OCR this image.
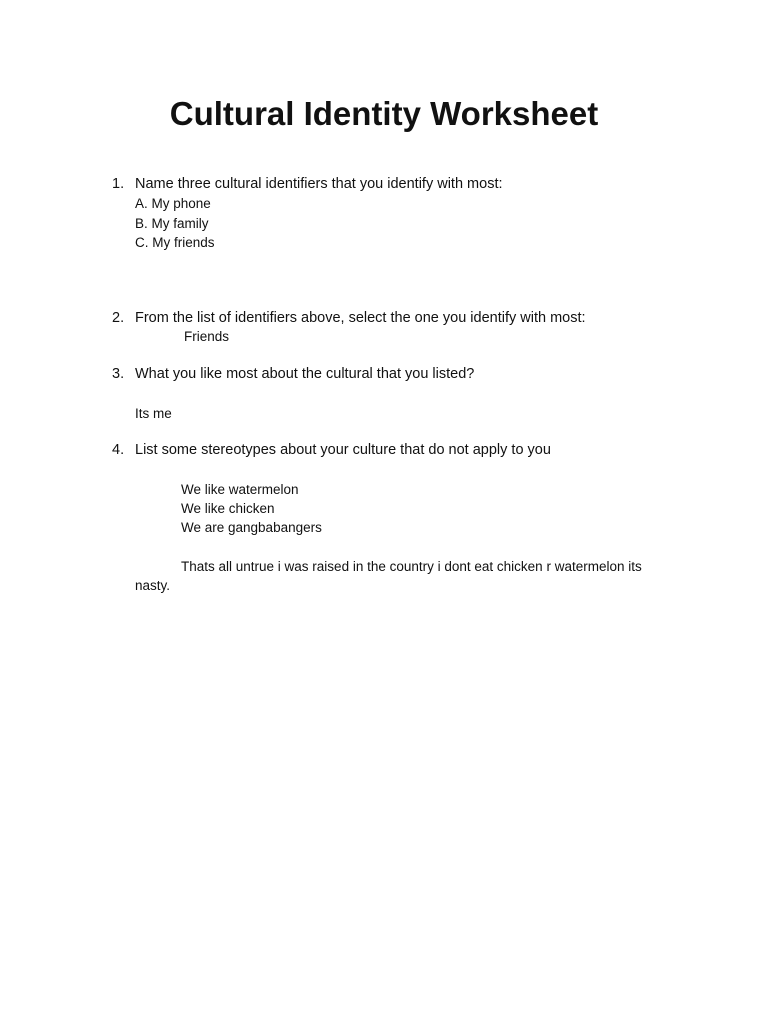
Cultural Identity Worksheet
1. Name three cultural identifiers that you identify with most:
A. My phone
B. My family
C. My friends
2. From the list of identifiers above, select the one you identify with most:
Friends
3. What you like most about the cultural that you listed?
Its me
4. List some stereotypes about your culture that do not apply to you
We like watermelon
We like chicken
We are gangbabangers
Thats all untrue i was raised in the country i dont eat chicken r watermelon its nasty.
